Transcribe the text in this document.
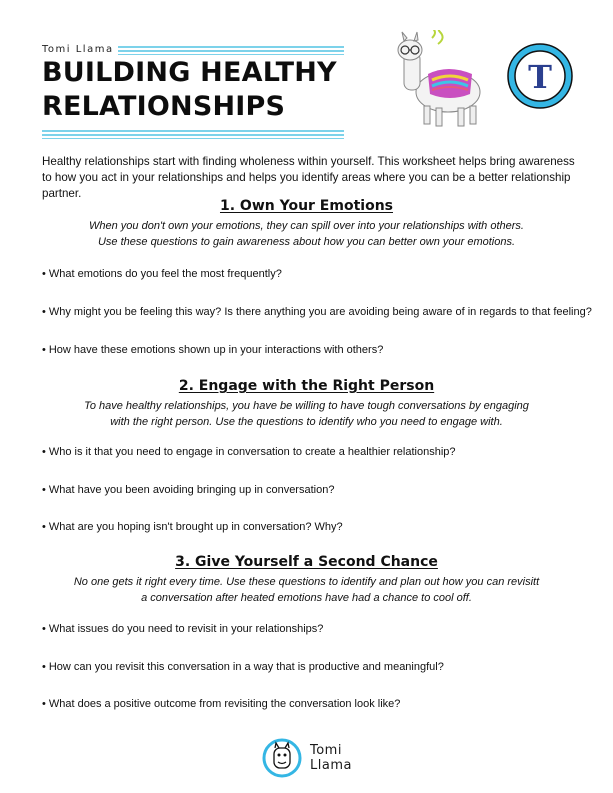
Tomi Llama
BUILDING HEALTHY
RELATIONSHIPS
T

Healthy relationships start with finding wholeness within yourself. This worksheet helps bring awareness to how you act in your relationships and helps you identify areas where you can be a better relationship partner.

1. Own Your Emotions

When you don't own your emotions, they can spill over into your relationships with others.

Use these questions to gain awareness about how you can better own your emotions.

• What emotions do you feel the most frequently?

• Why might you be feeling this way? Is there anything you are avoiding being aware of in regards to that feeling?

• How have these emotions shown up in your interactions with others?

2. Engage with the Right Person

To have healthy relationships, you have be willing to have tough conversations by engaging

with the right person. Use the questions to identify who you need to engage with.

• Who is it that you need to engage in conversation to create a healthier relationship?

• What have you been avoiding bringing up in conversation?

• What are you hoping isn't brought up in conversation? Why?

3. Give Yourself a Second Chance

No one gets it right every time. Use these questions to identify and plan out how you can revisitt

a conversation after heated emotions have had a chance to cool off.

• What issues do you need to revisit in your relationships?

• How can you revisit this conversation in a way that is productive and meaningful?

• What does a positive outcome from revisiting the conversation look like?

Tomi
Llama
